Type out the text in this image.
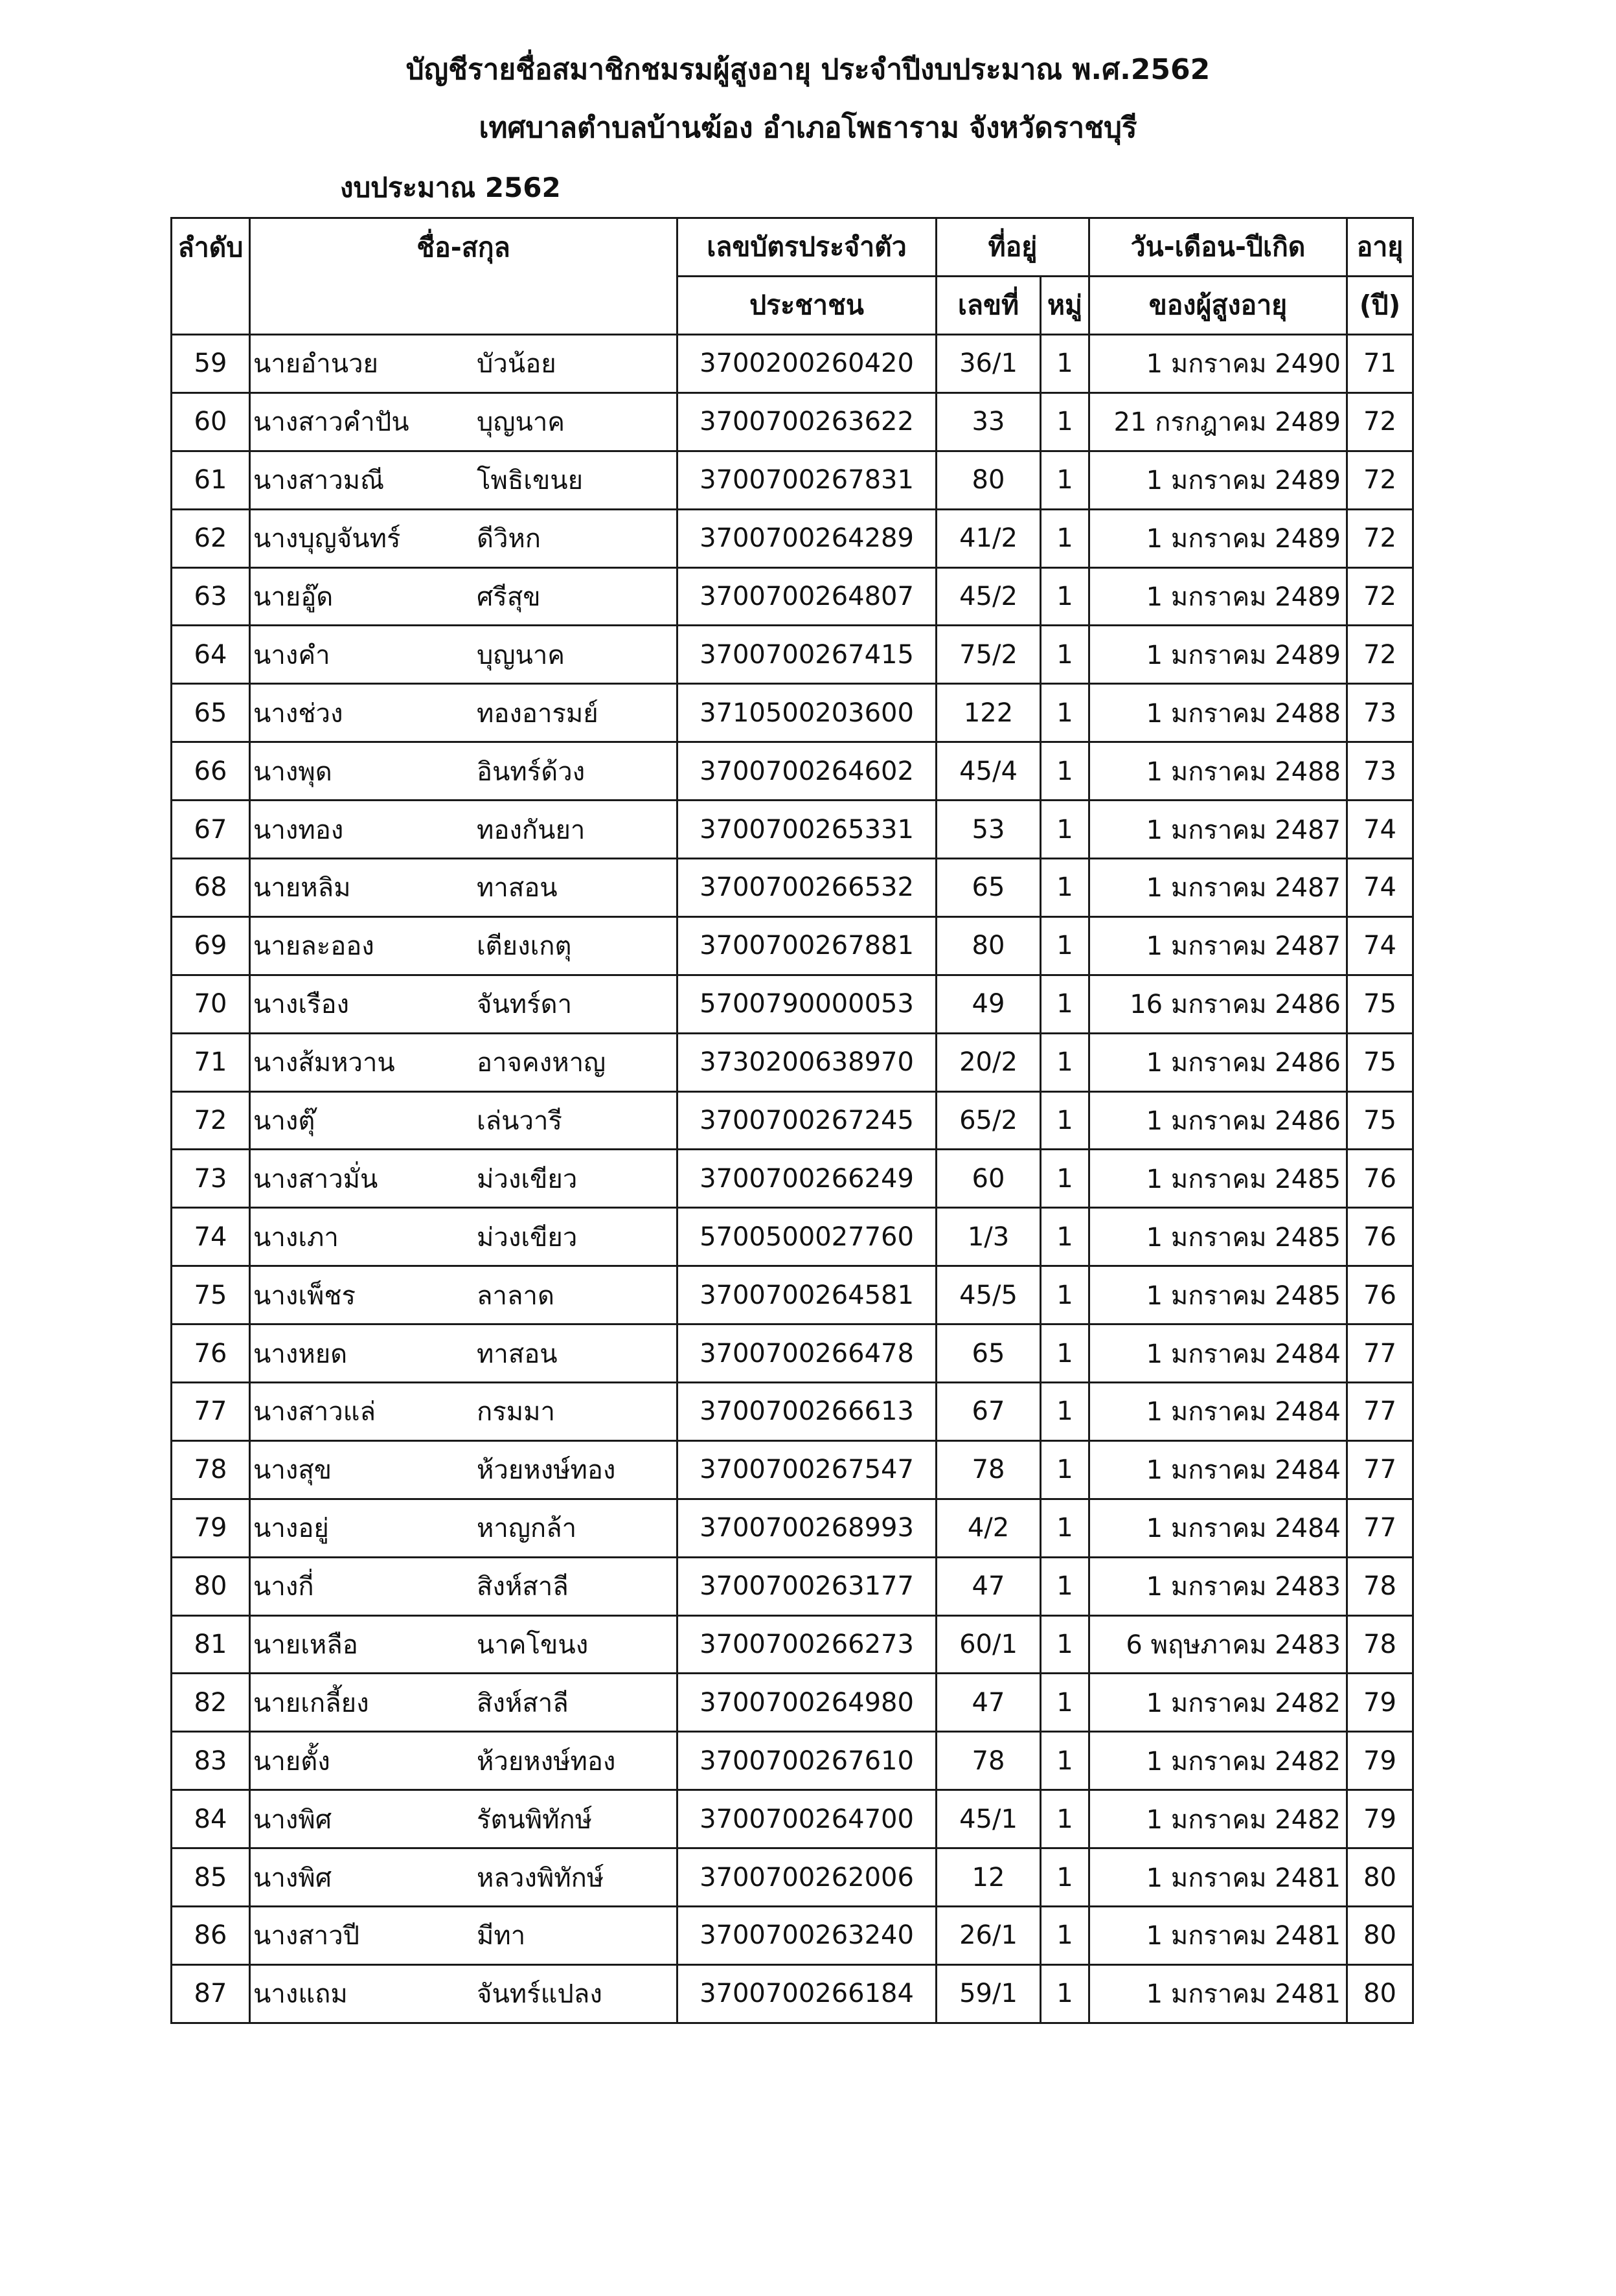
บัญชีรายชื่อสมาชิกชมรมผู้สูงอายุ ประจำปีงบประมาณ พ.ศ.2562
เทศบาลตำบลบ้านฆ้อง อำเภอโพธาราม จังหวัดราชบุรี
งบประมาณ 2562
ลำดับ	ชื่อ-สกุล	เลขบัตรประจำตัว	ที่อยู่		วัน-เดือน-ปีเกิด	อายุ
		ประชาชน	เลขที่	หมู่	ของผู้สูงอายุ	(ปี)
59	นายอำนวย บัวน้อย	3700200260420	36/1	1	1 มกราคม 2490	71
60	นางสาวคำปัน บุญนาค	3700700263622	33	1	21 กรกฎาคม 2489	72
61	นางสาวมณี โพธิเขนย	3700700267831	80	1	1 มกราคม 2489	72
62	นางบุญจันทร์ ดีวิหก	3700700264289	41/2	1	1 มกราคม 2489	72
63	นายอู๊ด ศรีสุข	3700700264807	45/2	1	1 มกราคม 2489	72
64	นางคำ บุญนาค	3700700267415	75/2	1	1 มกราคม 2489	72
65	นางช่วง ทองอารมย์	3710500203600	122	1	1 มกราคม 2488	73
66	นางพุด อินทร์ด้วง	3700700264602	45/4	1	1 มกราคม 2488	73
67	นางทอง ทองกันยา	3700700265331	53	1	1 มกราคม 2487	74
68	นายหลิม ทาสอน	3700700266532	65	1	1 มกราคม 2487	74
69	นายละออง เตียงเกตุ	3700700267881	80	1	1 มกราคม 2487	74
70	นางเรือง จันทร์ดา	5700790000053	49	1	16 มกราคม 2486	75
71	นางส้มหวาน อาจคงหาญ	3730200638970	20/2	1	1 มกราคม 2486	75
72	นางตุ๊ เล่นวารี	3700700267245	65/2	1	1 มกราคม 2486	75
73	นางสาวมั่น ม่วงเขียว	3700700266249	60	1	1 มกราคม 2485	76
74	นางเภา ม่วงเขียว	5700500027760	1/3	1	1 มกราคม 2485	76
75	นางเพ็ชร ลาลาด	3700700264581	45/5	1	1 มกราคม 2485	76
76	นางหยด ทาสอน	3700700266478	65	1	1 มกราคม 2484	77
77	นางสาวแล่ กรมมา	3700700266613	67	1	1 มกราคม 2484	77
78	นางสุข ห้วยหงษ์ทอง	3700700267547	78	1	1 มกราคม 2484	77
79	นางอยู่ หาญกล้า	3700700268993	4/2	1	1 มกราคม 2484	77
80	นางกี่ สิงห์สาลี	3700700263177	47	1	1 มกราคม 2483	78
81	นายเหลือ นาคโขนง	3700700266273	60/1	1	6 พฤษภาคม 2483	78
82	นายเกลี้ยง สิงห์สาลี	3700700264980	47	1	1 มกราคม 2482	79
83	นายตั้ง ห้วยหงษ์ทอง	3700700267610	78	1	1 มกราคม 2482	79
84	นางพิศ รัตนพิทักษ์	3700700264700	45/1	1	1 มกราคม 2482	79
85	นางพิศ หลวงพิทักษ์	3700700262006	12	1	1 มกราคม 2481	80
86	นางสาวปี มีทา	3700700263240	26/1	1	1 มกราคม 2481	80
87	นางแถม จันทร์แปลง	3700700266184	59/1	1	1 มกราคม 2481	80
